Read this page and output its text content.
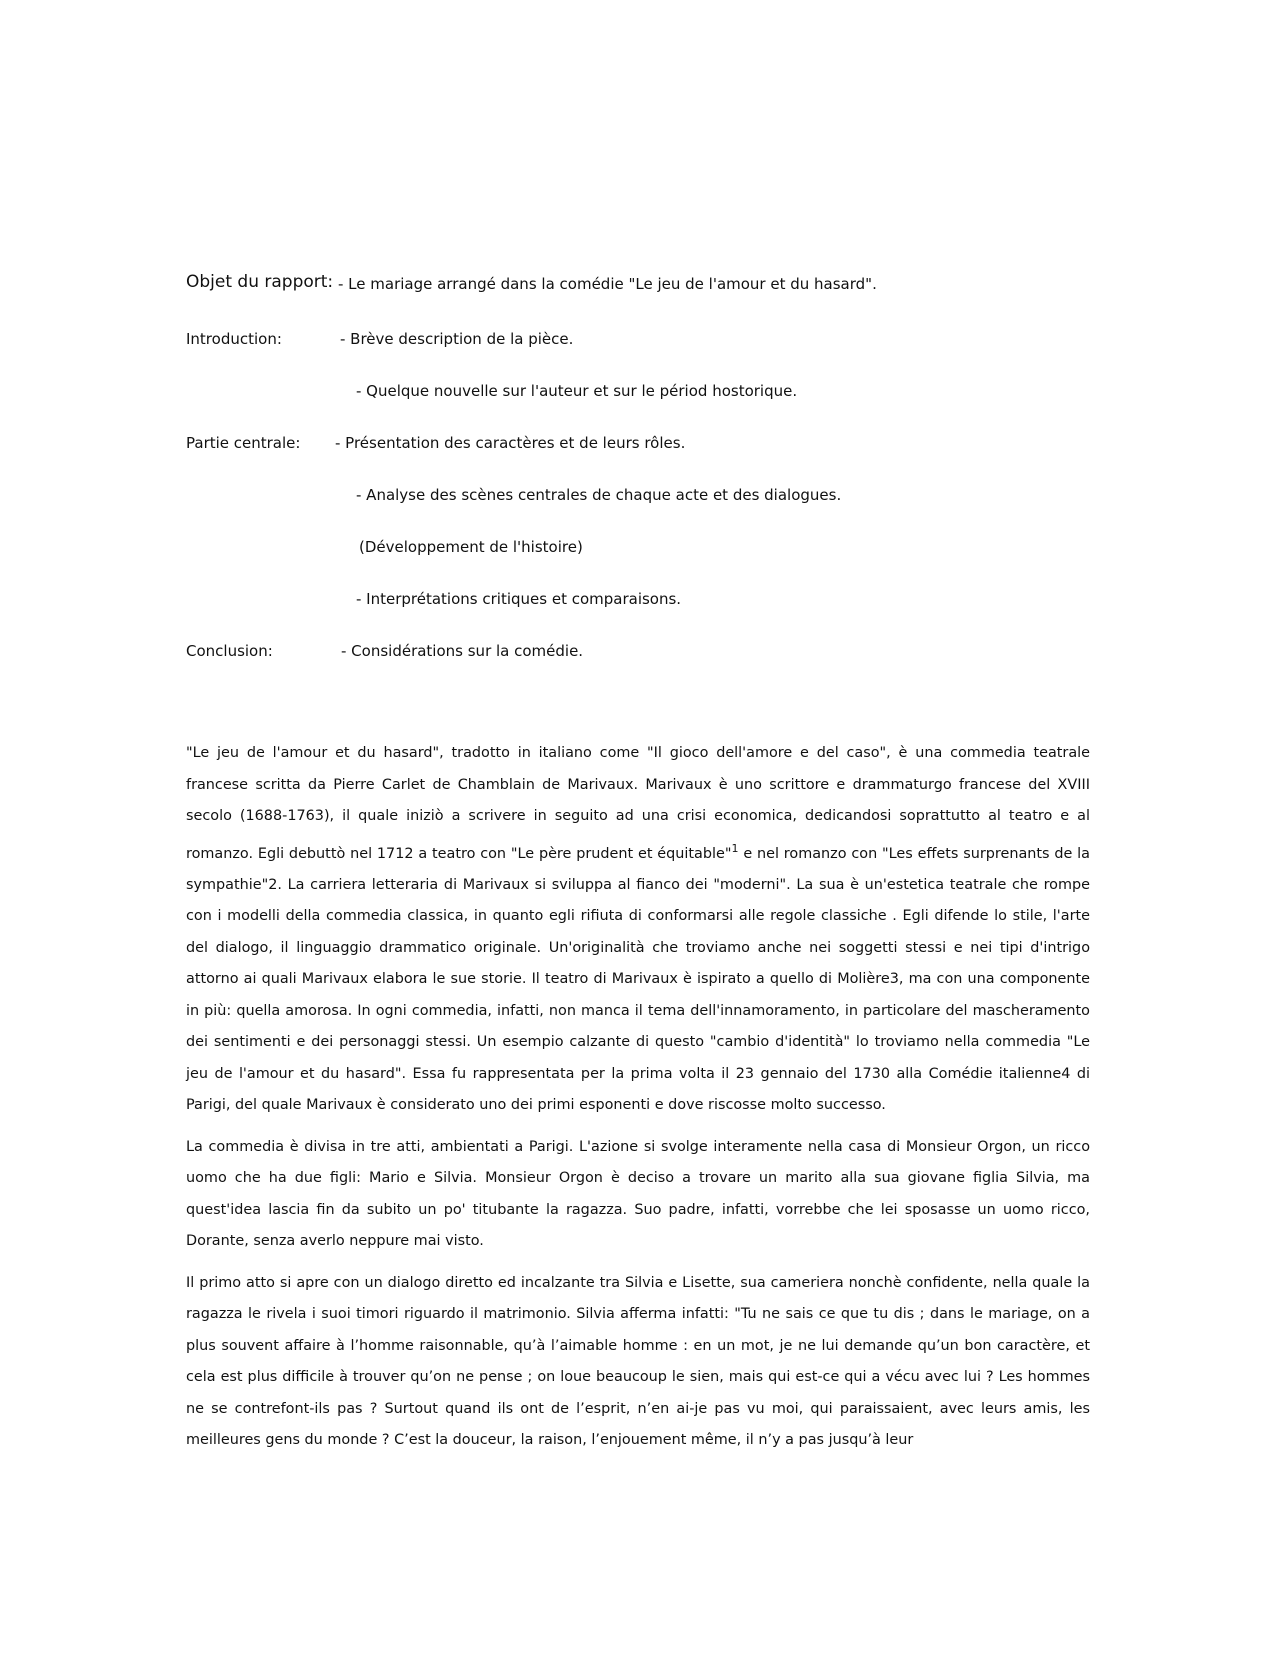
Objet du rapport: - Le mariage arrangé dans la comédie "Le jeu de l'amour et du hasard".
Introduction:	- Brève description de la pièce.
- Quelque nouvelle sur l'auteur et sur le périod hostorique.
Partie centrale: - Présentation des caractères et de leurs rôles.
- Analyse des scènes centrales de chaque acte et des dialogues.
(Développement de l'histoire)
- Interprétations critiques et comparaisons.
Conclusion:	- Considérations sur la comédie.

"Le jeu de l'amour et du hasard", tradotto in italiano come "Il gioco dell'amore e del caso", è una commedia teatrale francese scritta da Pierre Carlet de Chamblain de Marivaux. Marivaux è uno scrittore e drammaturgo francese del XVIII secolo (1688-1763), il quale iniziò a scrivere in seguito ad una crisi economica, dedicandosi soprattutto al teatro e al romanzo. Egli debuttò nel 1712 a teatro con "Le père prudent et équitable"$^1$ e nel romanzo con "Les effets surprenants de la sympathie"2. La carriera letteraria di Marivaux si sviluppa al fianco dei "moderni". La sua è un'estetica teatrale che rompe con i modelli della commedia classica, in quanto egli rifiuta di conformarsi alle regole classiche . Egli difende lo stile, l'arte del dialogo, il linguaggio drammatico originale. Un'originalità che troviamo anche nei soggetti stessi e nei tipi d'intrigo attorno ai quali Marivaux elabora le sue storie. Il teatro di Marivaux è ispirato a quello di Molière3, ma con una componente in più: quella amorosa. In ogni commedia, infatti, non manca il tema dell'innamoramento, in particolare del mascheramento dei sentimenti e dei personaggi stessi. Un esempio calzante di questo "cambio d'identità" lo troviamo nella commedia "Le jeu de l'amour et du hasard". Essa fu rappresentata per la prima volta il 23 gennaio del 1730 alla Comédie italienne4 di Parigi, del quale Marivaux è considerato uno dei primi esponenti e dove riscosse molto successo.

La commedia è divisa in tre atti, ambientati a Parigi. L'azione si svolge interamente nella casa di Monsieur Orgon, un ricco uomo che ha due figli: Mario e Silvia. Monsieur Orgon è deciso a trovare un marito alla sua giovane figlia Silvia, ma quest'idea lascia fin da subito un po' titubante la ragazza. Suo padre, infatti, vorrebbe che lei sposasse un uomo ricco, Dorante, senza averlo neppure mai visto.

Il primo atto si apre con un dialogo diretto ed incalzante tra Silvia e Lisette, sua cameriera nonchè confidente, nella quale la ragazza le rivela i suoi timori riguardo il matrimonio. Silvia afferma infatti: "Tu ne sais ce que tu dis ; dans le mariage, on a plus souvent affaire à l’homme raisonnable, qu’à l’aimable homme : en un mot, je ne lui demande qu’un bon caractère, et cela est plus difficile à trouver qu’on ne pense ; on loue beaucoup le sien, mais qui est-ce qui a vécu avec lui ? Les hommes ne se contrefont-ils pas ? Surtout quand ils ont de l’esprit, n’en ai-je pas vu moi, qui paraissaient, avec leurs amis, les meilleures gens du monde ? C’est la douceur, la raison, l’enjouement même, il n’y a pas jusqu’à leur
